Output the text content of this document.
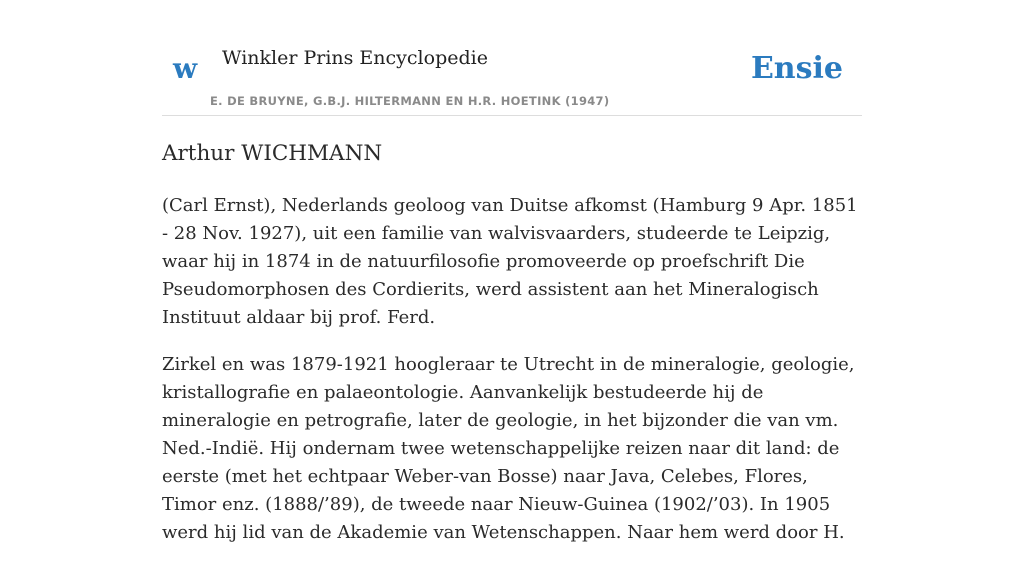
w Winkler Prins Encyclopedie	Ensie
E. DE BRUYNE, G.B.J. HILTERMANN EN H.R. HOETINK (1947)
Arthur WICHMANN

(Carl Ernst), Nederlands geoloog van Duitse afkomst (Hamburg 9 Apr. 1851 - 28 Nov. 1927), uit een familie van walvisvaarders, studeerde te Leipzig, waar hij in 1874 in de natuurfilosofie promoveerde op proefschrift Die Pseudomorphosen des Cordierits, werd assistent aan het Mineralogisch Instituut aldaar bij prof. Ferd.

Zirkel en was 1879-1921 hoogleraar te Utrecht in de mineralogie, geologie, kristallografie en palaeontologie. Aanvankelijk bestudeerde hij de mineralogie en petrografie, later de geologie, in het bijzonder die van vm. Ned.-Indië. Hij ondernam twee wetenschappelijke reizen naar dit land: de eerste (met het echtpaar Weber-van Bosse) naar Java, Celebes, Flores, Timor enz. (1888/’89), de tweede naar Nieuw-Guinea (1902/’03). In 1905 werd hij lid van de Akademie van Wetenschappen. Naar hem werd door H.
